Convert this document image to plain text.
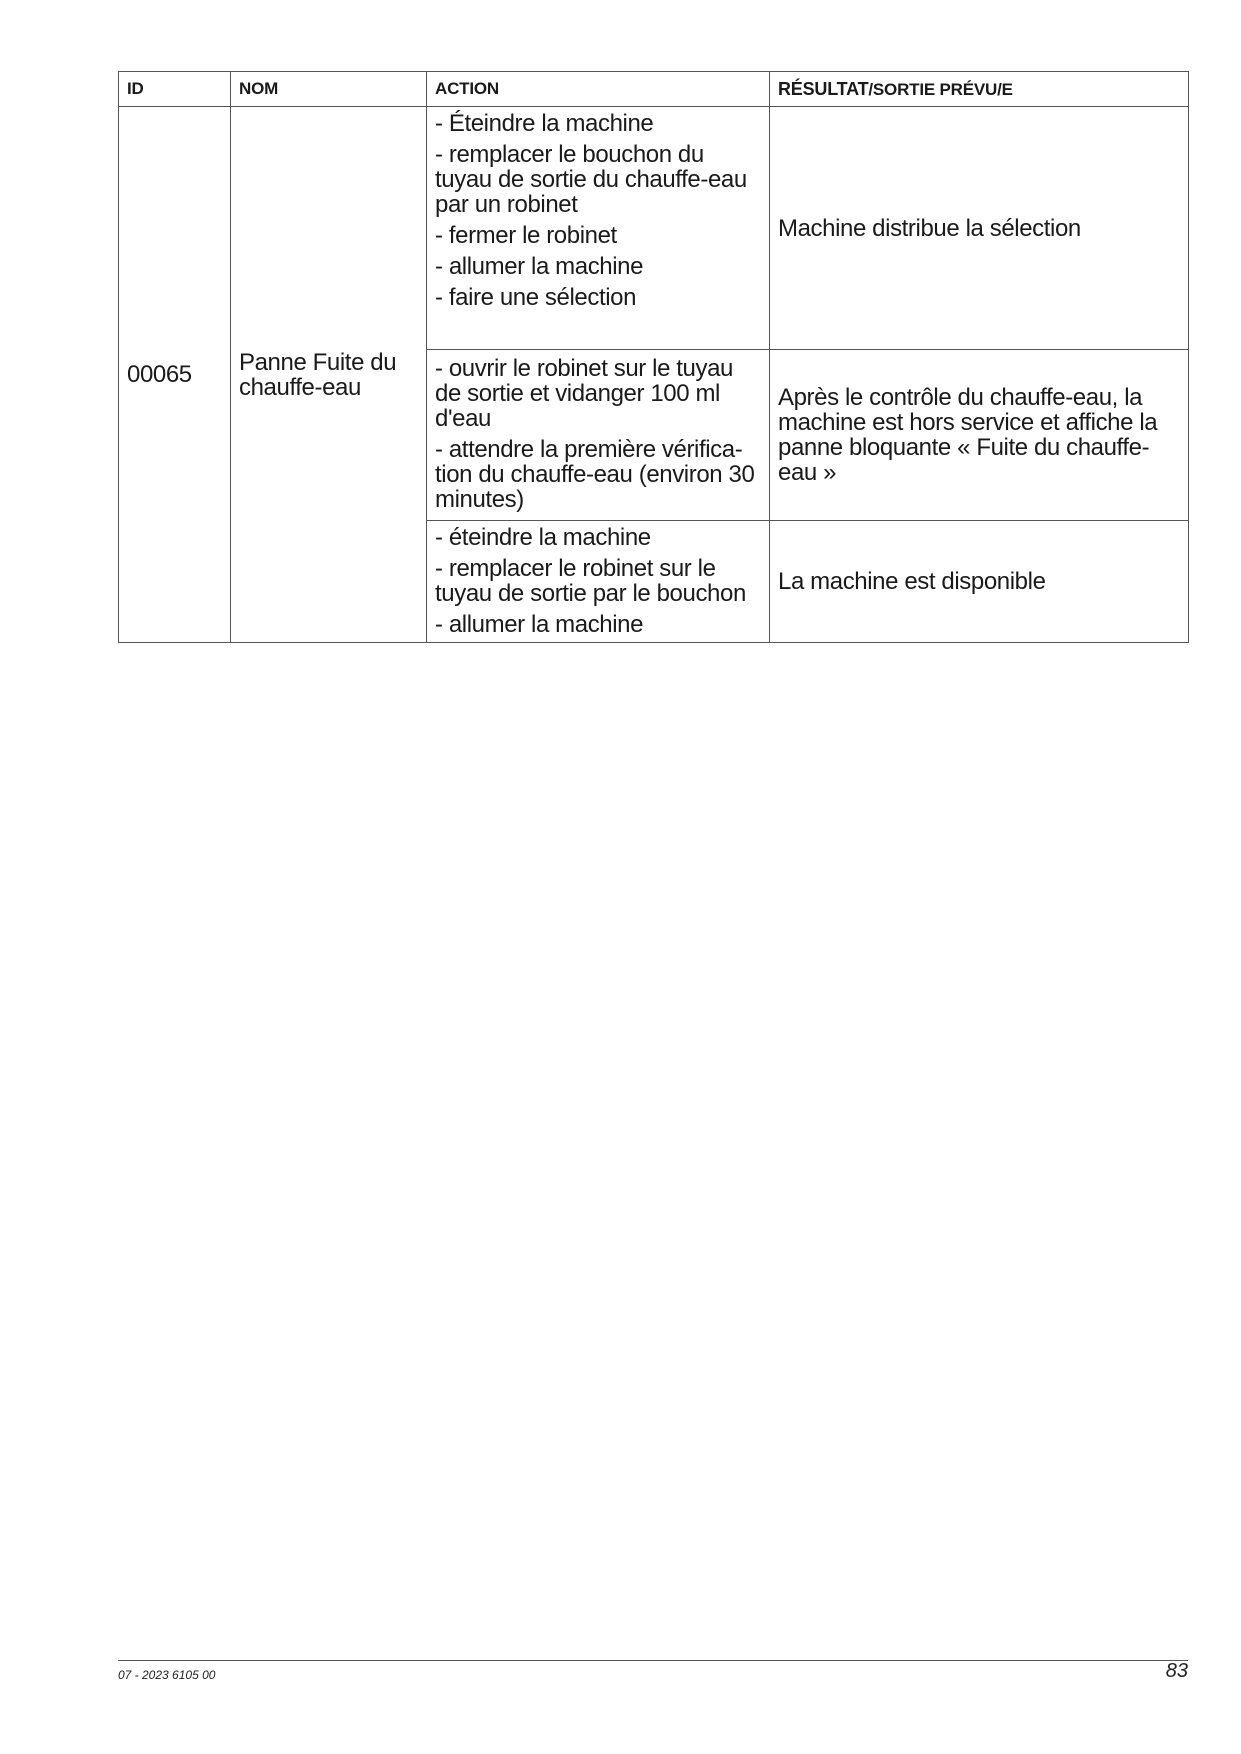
ID	NOM	ACTION	RÉSULTAT/SORTIE PRÉVU/E
00065	Panne Fuite du chauffe-eau	- Éteindre la machine
- remplacer le bouchon du tuyau de sortie du chauffe-eau par un robinet
- fermer le robinet
- allumer la machine
- faire une sélection	Machine distribue la sélection

		- ouvrir le robinet sur le tuyau de sortie et vidanger 100 ml d'eau
- attendre la première vérifica-tion du chauffe-eau (environ 30 minutes)	Après le contrôle du chauffe-eau, la machine est hors service et affiche la panne bloquante « Fuite du chauffe-eau »

		- éteindre la machine
- remplacer le robinet sur le tuyau de sortie par le bouchon
- allumer la machine	La machine est disponible
07 - 2023 6105 00	83
